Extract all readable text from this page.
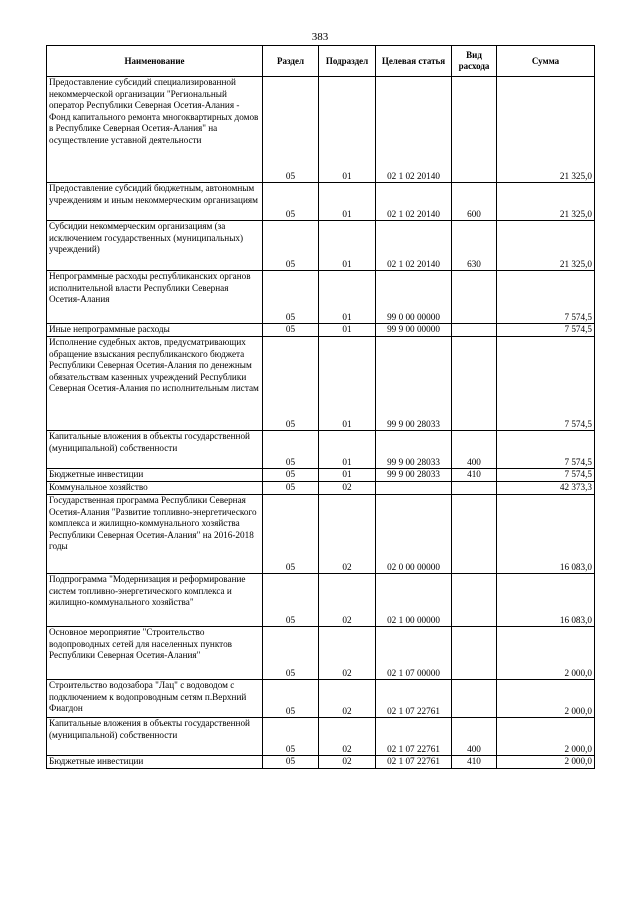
383
Наименование	Раздел	Подраздел	Целевая статья	Вид расхода	Сумма
Предоставление субсидий специализированной некоммерческой организации "Региональный оператор Республики Северная Осетия-Алания - Фонд капитального ремонта многоквартирных домов в Республике Северная Осетия-Алания" на осуществление уставной деятельности	05	01	02 1 02 20140		21 325,0
Предоставление субсидий бюджетным, автономным учреждениям и иным некоммерческим организациям	05	01	02 1 02 20140	600	21 325,0
Субсидии некоммерческим организациям (за исключением государственных (муниципальных) учреждений)	05	01	02 1 02 20140	630	21 325,0
Непрограммные расходы республиканских органов исполнительной власти Республики Северная Осетия-Алания	05	01	99 0 00 00000		7 574,5
Иные непрограммные расходы	05	01	99 9 00 00000		7 574,5
Исполнение судебных актов, предусматривающих обращение взыскания республиканского бюджета Республики Северная Осетия-Алания по денежным обязательствам казенных учреждений Республики Северная Осетия-Алания по исполнительным листам	05	01	99 9 00 28033		7 574,5
Капитальные вложения в объекты государственной (муниципальной) собственности	05	01	99 9 00 28033	400	7 574,5
Бюджетные инвестиции	05	01	99 9 00 28033	410	7 574,5
Коммунальное хозяйство	05	02			42 373,3
Государственная программа Республики Северная Осетия-Алания "Развитие топливно-энергетического комплекса и жилищно-коммунального хозяйства Республики Северная Осетия-Алания" на 2016-2018 годы	05	02	02 0 00 00000		16 083,0
Подпрограмма "Модернизация и реформирование систем топливно-энергетического комплекса и жилищно-коммунального хозяйства"	05	02	02 1 00 00000		16 083,0
Основное мероприятие "Строительство водопроводных сетей для населенных пунктов Республики Северная Осетия-Алания"	05	02	02 1 07 00000		2 000,0
Строительство водозабора "Лац" с водоводом с подключением к водопроводным сетям п.Верхний Фиагдон	05	02	02 1 07 22761		2 000,0
Капитальные вложения в объекты государственной (муниципальной) собственности	05	02	02 1 07 22761	400	2 000,0
Бюджетные инвестиции	05	02	02 1 07 22761	410	2 000,0
